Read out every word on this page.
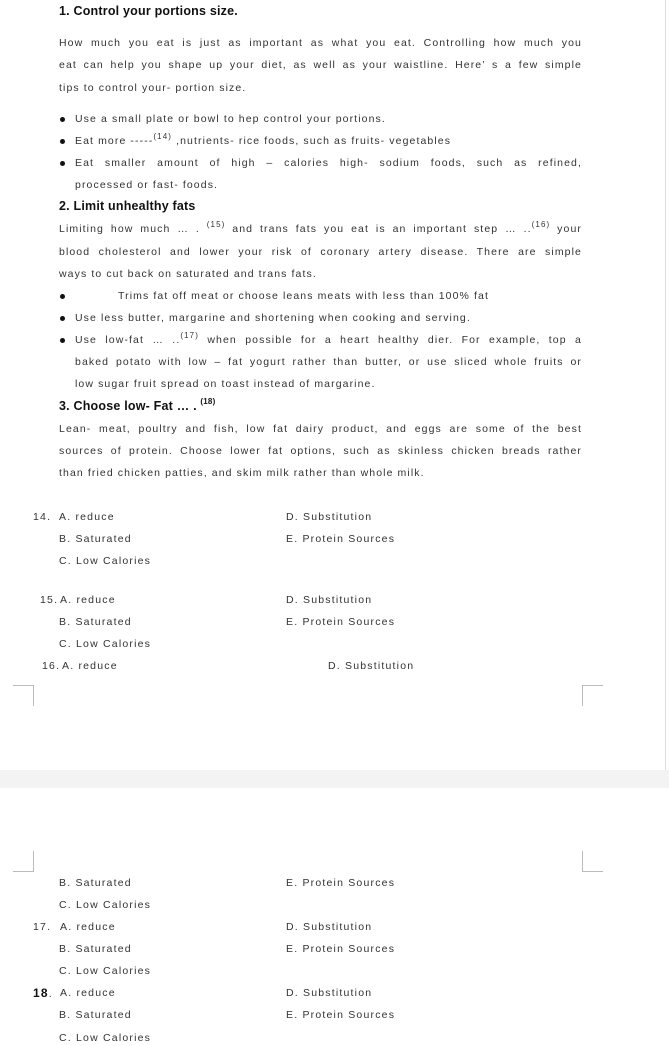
1. Control your portions size.
How much you eat is just as important as what you eat. Controlling how much you
eat can help you shape up your diet, as well as your waistline. Here’ s a few simple
tips to control your- portion size.
Use a small plate or bowl to hep control your portions.
Eat more -----$^{(14)}$ ,nutrients- rice foods, such as fruits- vegetables
Eat smaller amount of high – calories high- sodium foods, such as refined,
processed or fast- foods.
2. Limit unhealthy fats
Limiting how much … . $^{(15)}$ and trans fats you eat is an important step … ..$^{(16)}$ your
blood cholesterol and lower your risk of coronary artery disease. There are simple
ways to cut back on saturated and trans fats.
Trims fat off meat or choose leans meats with less than 100% fat
Use less butter, margarine and shortening when cooking and serving.
Use low-fat … ..$^{(17)}$ when possible for a heart healthy dier. For example, top a
baked potato with low – fat yogurt rather than butter, or use sliced whole fruits or
low sugar fruit spread on toast instead of margarine.
3. Choose low- Fat … . $^{(18)}$
Lean- meat, poultry and fish, low fat dairy product, and eggs are some of the best
sources of protein. Choose lower fat options, such as skinless chicken breads rather
than fried chicken patties, and skim milk rather than whole milk.
14. A. reduce	D. Substitution
B. Saturated	E. Protein Sources
C. Low Calories
15. A. reduce	D. Substitution
B. Saturated	E. Protein Sources
C. Low Calories
16. A. reduce	D. Substitution
B. Saturated	E. Protein Sources
C. Low Calories
17. A. reduce	D. Substitution
B. Saturated	E. Protein Sources
C. Low Calories
18. A. reduce	D. Substitution
B. Saturated	E. Protein Sources
C. Low Calories
